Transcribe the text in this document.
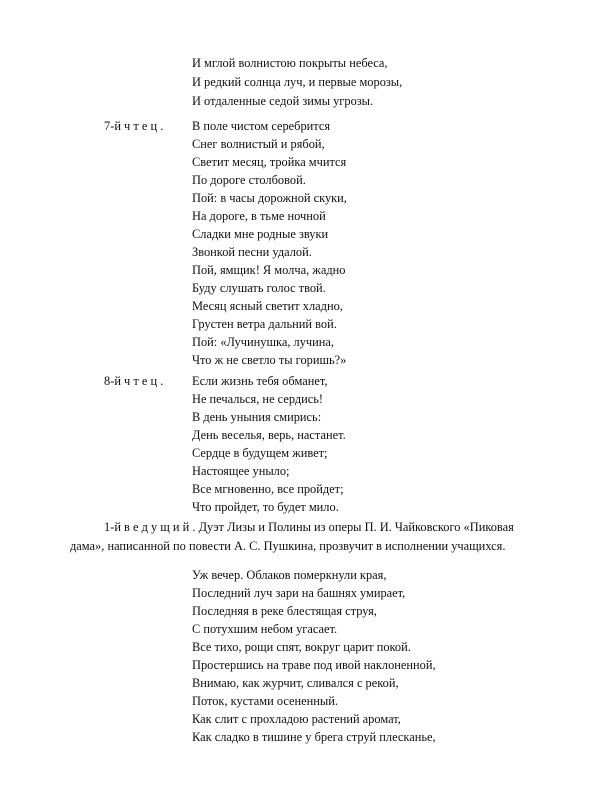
И мглой волнистою покрыты небеса,
И редкий солнца луч, и первые морозы,
И отдаленные седой зимы угрозы.
7-й ч т е ц . В поле чистом серебрится
Снег волнистый и рябой,
Светит месяц, тройка мчится
По дороге столбовой.
Пой: в часы дорожной скуки,
На дороге, в тьме ночной
Сладки мне родные звуки
Звонкой песни удалой.
Пой, ямщик! Я молча, жадно
Буду слушать голос твой.
Месяц ясный светит хладно,
Грустен ветра дальний вой.
Пой: «Лучинушка, лучина,
Что ж не светло ты горишь?»
8-й ч т е ц . Если жизнь тебя обманет,
Не печалься, не сердись!
В день уныния смирись:
День веселья, верь, настанет.
Сердце в будущем живет;
Настоящее уныло;
Все мгновенно, все пройдет;
Что пройдет, то будет мило.
1-й в е д у щ и й . Дуэт Лизы и Полины из оперы П. И. Чайковского «Пиковая
дама», написанной по повести А. С. Пушкина, прозвучит в исполнении учащихся.
Уж вечер. Облаков померкнули края,
Последний луч зари на башнях умирает,
Последняя в реке блестящая струя,
С потухшим небом угасает.
Все тихо, рощи спят, вокруг царит покой.
Простершись на траве под ивой наклоненной,
Внимаю, как журчит, сливался с рекой,
Поток, кустами осененный.
Как слит с прохладою растений аромат,
Как сладко в тишине у брега струй плесканье,
